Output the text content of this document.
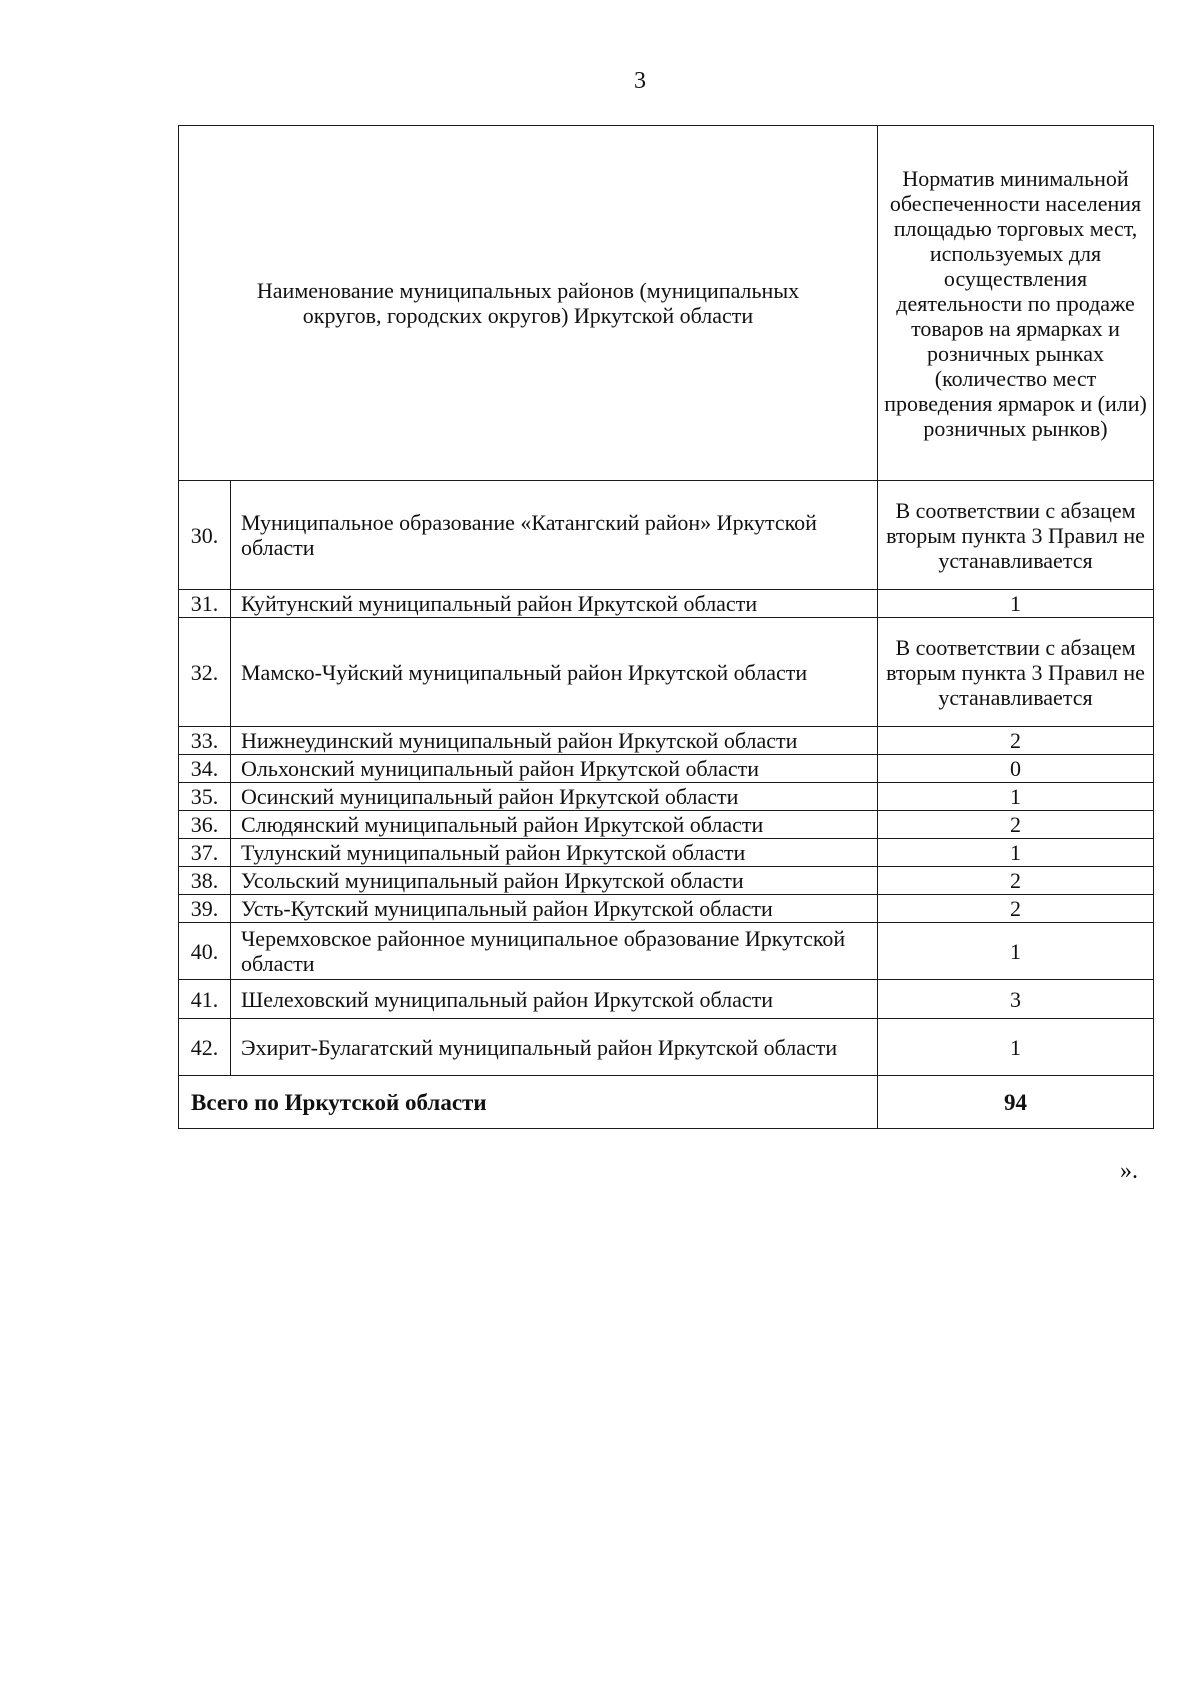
3
Наименование муниципальных районов (муниципальных округов, городских округов) Иркутской области		Норматив минимальной обеспеченности населения площадью торговых мест, используемых для осуществления деятельности по продаже товаров на ярмарках и розничных рынках (количество мест проведения ярмарок и (или) розничных рынков)
30.	Муниципальное образование «Катангский район» Иркутской области	В соответствии с абзацем вторым пункта 3 Правил не устанавливается
31.	Куйтунский муниципальный район Иркутской области	1
32.	Мамско-Чуйский муниципальный район Иркутской области	В соответствии с абзацем вторым пункта 3 Правил не устанавливается
33.	Нижнеудинский муниципальный район Иркутской области	2
34.	Ольхонский муниципальный район Иркутской области	0
35.	Осинский муниципальный район Иркутской области	1
36.	Слюдянский муниципальный район Иркутской области	2
37.	Тулунский муниципальный район Иркутской области	1
38.	Усольский муниципальный район Иркутской области	2
39.	Усть-Кутский муниципальный район Иркутской области	2
40.	Черемховское районное муниципальное образование Иркутской области	1
41.	Шелеховский муниципальный район Иркутской области	3
42.	Эхирит-Булагатский муниципальный район Иркутской области	1
Всего по Иркутской области		94
».
